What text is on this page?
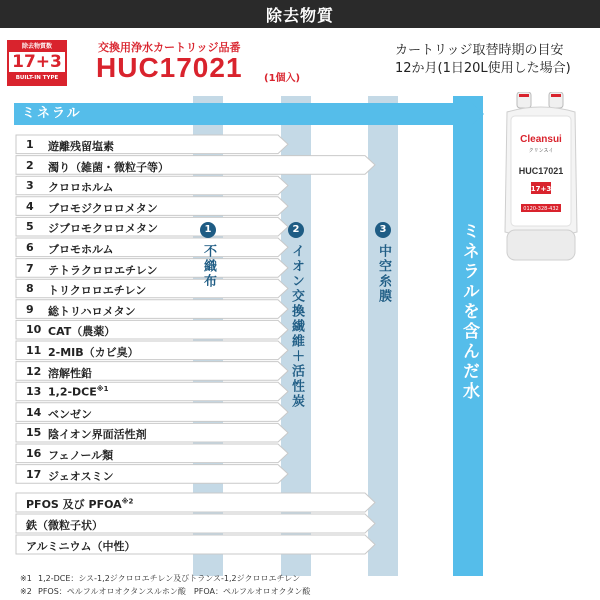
除去物質
除去物質数
17+3
BUILT-IN TYPE
交換用浄水カートリッジ品番
HUC17021 (1個入)
カートリッジ取替時期の目安
12か月(1日20L使用した場合)
ミネラル
1
不織布
2
イオン交換繊維＋活性炭
3
中空糸膜	ミネラルを含んだ水
1 遊離残留塩素
2 濁り（雑菌・微粒子等）
3 クロロホルム
4 ブロモジクロロメタン
5 ジブロモクロロメタン
6 ブロモホルム
7 テトラクロロエチレン
8 トリクロロエチレン
9 総トリハロメタン
10 CAT（農薬）
11 2-MIB（カビ臭）
12 溶解性鉛
13 1,2-DCE$^{※1}$
14 ベンゼン
15 陰イオン界面活性剤
16 フェノール類
17 ジェオスミン
PFOS 及び PFOA$^{※2}$
鉄（微粒子状）
アルミニウム（中性）
Cleansui
クリンスイ
HUC17021
17+3
0120-328-432
※1 1,2-DCE：シス-1,2ジクロロエチレン及びトランス-1,2ジクロロエチレン
※2 PFOS：ペルフルオロオクタンスルホン酸　PFOA：ペルフルオロオクタン酸
